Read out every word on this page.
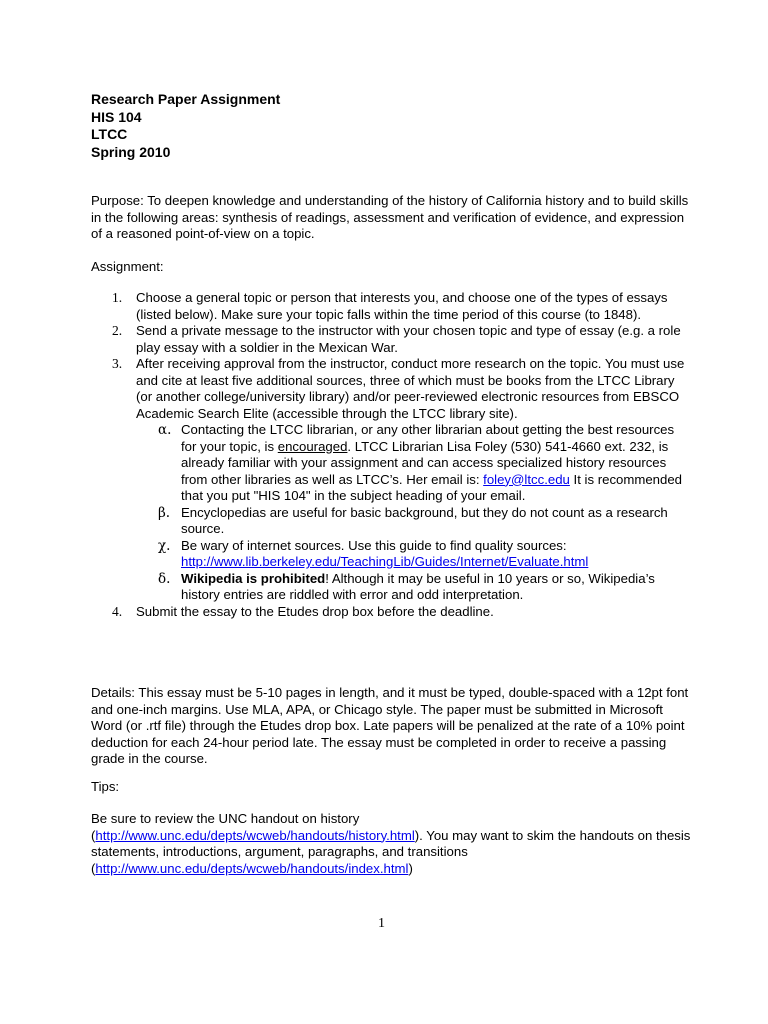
Research Paper Assignment
HIS 104
LTCC
Spring 2010

Purpose: To deepen knowledge and understanding of the history of California history and to build skills in the following areas: synthesis of readings, assessment and verification of evidence, and expression of a reasoned point-of-view on a topic.

Assignment:

1. Choose a general topic or person that interests you, and choose one of the types of essays (listed below). Make sure your topic falls within the time period of this course (to 1848).
2. Send a private message to the instructor with your chosen topic and type of essay (e.g. a role play essay with a soldier in the Mexican War.
3. After receiving approval from the instructor, conduct more research on the topic. You must use and cite at least five additional sources, three of which must be books from the LTCC Library (or another college/university library) and/or peer-reviewed electronic resources from EBSCO Academic Search Elite (accessible through the LTCC library site).
α. Contacting the LTCC librarian, or any other librarian about getting the best resources for your topic, is encouraged. LTCC Librarian Lisa Foley (530) 541-4660 ext. 232, is already familiar with your assignment and can access specialized history resources from other libraries as well as LTCC’s. Her email is: foley@ltcc.edu It is recommended that you put "HIS 104" in the subject heading of your email.
β. Encyclopedias are useful for basic background, but they do not count as a research source.
χ. Be wary of internet sources. Use this guide to find quality sources:
http://www.lib.berkeley.edu/TeachingLib/Guides/Internet/Evaluate.html
δ. Wikipedia is prohibited! Although it may be useful in 10 years or so, Wikipedia’s history entries are riddled with error and odd interpretation.
4. Submit the essay to the Etudes drop box before the deadline.

Details: This essay must be 5-10 pages in length, and it must be typed, double-spaced with a 12pt font and one-inch margins. Use MLA, APA, or Chicago style. The paper must be submitted in Microsoft Word (or .rtf file) through the Etudes drop box. Late papers will be penalized at the rate of a 10% point deduction for each 24-hour period late. The essay must be completed in order to receive a passing grade in the course.

Tips:

Be sure to review the UNC handout on history (http://www.unc.edu/depts/wcweb/handouts/history.html). You may want to skim the handouts on thesis statements, introductions, argument, paragraphs, and transitions (http://www.unc.edu/depts/wcweb/handouts/index.html)

1
